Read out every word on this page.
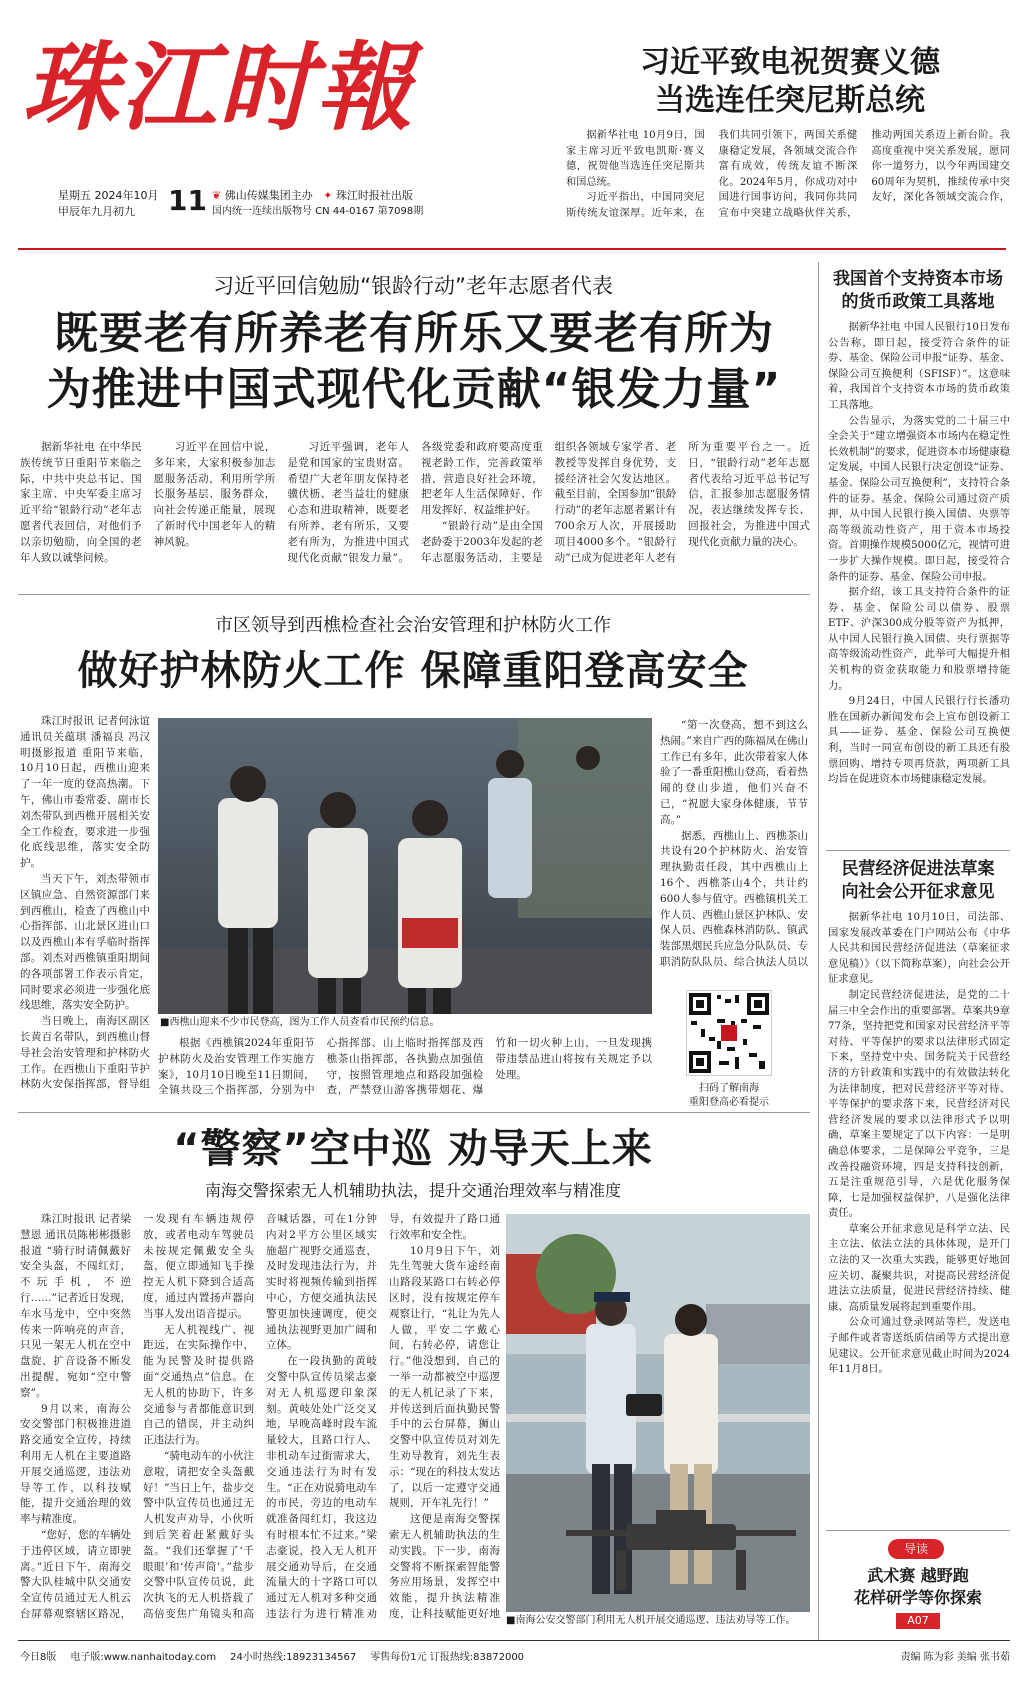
珠江时報
星期五 2024年10月
甲辰年九月初九	11 ❦ 佛山传媒集团主办 ✦ 珠江时报社出版
国内统一连续出版物号 CN 44-0167 第7098期
习近平致电祝贺赛义德
当选连任突尼斯总统

据新华社电 10月9日，国家主席习近平致电凯斯·赛义德，祝贺他当选连任突尼斯共和国总统。

习近平指出，中国同突尼斯传统友谊深厚。近年来，在我们共同引领下，两国关系健康稳定发展，各领域交流合作富有成效，传统友谊不断深化。2024年5月，你成功对中国进行国事访问，我同你共同宣布中突建立战略伙伴关系，推动两国关系迈上新台阶。我高度重视中突关系发展，愿同你一道努力，以今年两国建交60周年为契机，推续传承中突友好，深化各领域交流合作，

习近平回信勉励“银龄行动”老年志愿者代表
既要老有所养老有所乐又要老有所为
为推进中国式现代化贡献“银发力量”

据新华社电 在中华民族传统节日重阳节来临之际，中共中央总书记、国家主席、中央军委主席习近平给“银龄行动”老年志愿者代表回信，对他们予以亲切勉励，向全国的老年人致以诚挚问候。

习近平在回信中说，多年来，大家积极参加志愿服务活动，利用所学所长服务基层、服务群众，向社会传递正能量，展现了新时代中国老年人的精神风貌。

习近平强调，老年人是党和国家的宝贵财富。希望广大老年朋友保持老骥伏枥、老当益壮的健康心态和进取精神，既要老有所养、老有所乐，又要老有所为，为推进中国式现代化贡献“银发力量”。各级党委和政府要高度重视老龄工作，完善政策举措，营造良好社会环境，把老年人生活保障好、作用发挥好、权益维护好。

“银龄行动”是由全国老龄委于2003年发起的老年志愿服务活动，主要是组织各领域专家学者、老教授等发挥自身优势，支援经济社会欠发达地区。截至目前，全国参加“银龄行动”的老年志愿者累计有700余万人次，开展援助项目4000多个。“银龄行动”已成为促进老年人老有所为重要平台之一。近日，“银龄行动”老年志愿者代表给习近平总书记写信，汇报参加志愿服务情况，表达继续发挥专长、回报社会，为推进中国式现代化贡献力量的决心。

我国首个支持资本市场
的货币政策工具落地

据新华社电 中国人民银行10日发布公告称，即日起，接受符合条件的证券、基金、保险公司申报“证券、基金、保险公司互换便利（SFISF）”。这意味着，我国首个支持资本市场的货币政策工具落地。

公告显示，为落实党的二十届三中全会关于“建立增强资本市场内在稳定性长效机制”的要求，促进资本市场健康稳定发展，中国人民银行决定创设“证券、基金、保险公司互换便利”，支持符合条件的证券、基金、保险公司通过资产质押，从中国人民银行换入国债、央票等高等级流动性资产，用于资本市场投资。首期操作规模5000亿元，视情可进一步扩大操作规模。即日起，接受符合条件的证券、基金、保险公司申报。

据介绍，该工具支持符合条件的证券、基金、保险公司以债券、股票ETF、沪深300成分股等资产为抵押，从中国人民银行换入国债、央行票据等高等级流动性资产，此举可大幅提升相关机构的资金获取能力和股票增持能力。

9月24日，中国人民银行行长潘功胜在国新办新闻发布会上宣布创设新工具——证券、基金、保险公司互换便利，当时一同宣布创设的新工具还有股票回购、增持专项再贷款，两项新工具均旨在促进资本市场健康稳定发展。

市区领导到西樵检查社会治安管理和护林防火工作
做好护林防火工作 保障重阳登高安全

珠江时报讯 记者何泳谊 通讯员关蕴琪 潘福良 冯汉明摄影报道 重阳节来临，10月10日起，西樵山迎来了一年一度的登高热潮。下午，佛山市委常委、副市长刘杰带队到西樵开展相关安全工作检查，要求进一步强化底线思维，落实安全防护。

当天下午，刘杰带领市区镇应急、自然资源部门来到西樵山，检查了西樵山中心指挥部、山北景区进山口以及西樵山本有孚临时指挥部。刘杰对西樵镇重阳期间的各项部署工作表示肯定，同时要求必须进一步强化底线思维，落实安全防护。

当日晚上，南海区副区长黄百名带队，到西樵山督导社会治安管理和护林防火工作。在西樵山下重阳节护林防火安保指挥部，督导组

■西樵山迎来不少市民登高，图为工作人员查看市民预约信息。

根据《西樵镇2024年重阳节护林防火及治安管理工作实施方案》，10月10日晚至11日期间，全镇共设三个指挥部，分别为中心指挥部、山上临时指挥部及西樵茶山指挥部，各执勤点加强值守，按照管理地点和路段加强检查，严禁登山游客携带烟花、爆竹和一切火种上山，一旦发现携带违禁品进山将按有关规定予以处理。

“第一次登高，想不到这么热闹。”来自广西的陈福凤在佛山工作已有多年，此次带着家人体验了一番重阳樵山登高，看着热闹的登山步道，他们兴奋不已，“祝愿大家身体健康，节节高。”

据悉，西樵山上、西樵茶山共设有20个护林防火、治安管理执勤责任段，其中西樵山上16个、西樵茶山4个，共计约600人参与值守。西樵镇机关工作人员、西樵山景区护林队、安保人员、西樵森林消防队、镇武装部黑烟民兵应急分队队员、专职消防队队员、综合执法人员以

扫码了解南海
重阳登高必看提示
民营经济促进法草案
向社会公开征求意见

据新华社电 10月10日，司法部、国家发展改革委在门户网站公布《中华人民共和国民营经济促进法（草案征求意见稿）》（以下简称草案），向社会公开征求意见。

制定民营经济促进法，是党的二十届三中全会作出的重要部署。草案共9章77条，坚持把党和国家对民营经济平等对待、平等保护的要求以法律形式固定下来，坚持党中央、国务院关于民营经济的方针政策和实践中的有效做法转化为法律制度，把对民营经济平等对待、平等保护的要求落下来，民营经济对民营经济发展的要求以法律形式予以明确，草案主要规定了以下内容：一是明确总体要求，二是保障公平竞争，三是改善投融资环境，四是支持科技创新，五是注重规范引导，六是优化服务保障，七是加强权益保护，八是强化法律责任。

草案公开征求意见是科学立法、民主立法、依法立法的具体体现，是开门立法的又一次重大实践，能够更好地回应关切、凝聚共识，对提高民营经济促进法立法质量，促进民营经济持续、健康、高质量发展将起到重要作用。

公众可通过登录网站等栏，发送电子邮件或者寄送纸质信函等方式提出意见建议。公开征求意见截止时间为2024年11月8日。

导读
武术赛 越野跑
花样研学等你探索
A07
“警察”空中巡 劝导天上来
南海交警探索无人机辅助执法，提升交通治理效率与精准度

珠江时报讯 记者梁慧恩 通讯员陈彬彬摄影报道 “骑行时请佩戴好安全头盔，不闯红灯，不玩手机，不逆行……”记者近日发现，车水马龙中，空中突然传来一阵响亮的声音，只见一架无人机在空中盘旋，扩音设备不断发出提醒，宛如“空中警察”。

9月以来，南海公安交警部门积极推进道路交通安全宣传，持续利用无人机在主要道路开展交通巡逻，违法劝导等工作，以科技赋能，提升交通治理的效率与精准度。

“您好，您的车辆处于违停区域，请立即驶离。”近日下午，南海交警大队桂城中队交通安全宣传员通过无人机云台屏幕观察辖区路况，一发现有车辆违规停放，或者电动车驾驶员未按规定佩戴安全头盔，便立即通知飞手操控无人机下降到合适高度，通过内置扬声器向当事人发出语音提示。

无人机视线广、视距远，在实际操作中，能为民警及时提供路面“交通热点”信息。在无人机的协助下，许多交通参与者都能意识到自己的错误，并主动纠正违法行为。

“骑电动车的小伙注意啦，请把安全头盔戴好！”当日上午，盐步交警中队宣传员也通过无人机发声劝导，小伙听到后笑着赶紧戴好头盔。“我们还掌握了‘千眼眼’和‘传声筒’。”盐步交警中队宣传员说，此次执飞的无人机搭载了高倍变焦广角镜头和高音喊话器，可在1分钟内对2平方公里区域实施超广视野交通巡查，及时发现违法行为，并实时将视频传输到指挥中心，方便交通执法民警更加快速调度，使交通执法视野更加广阔和立体。

在一段执勤的黄岐交警中队宣传员梁志豪对无人机巡逻印象深刻。黄岐处处广泛交叉地，早晚高峰时段车流量较大，且路口行人、非机动车过街需求大，交通违法行为时有发生。“正在劝说骑电动车的市民，旁边的电动车就准备闯红灯，我这边有时根本忙不过来。”梁志豪说，投入无人机开展交通劝导后，在交通流量大的十字路口可以通过无人机对多种交通违法行为进行精准劝导，有效提升了路口通行效率和安全性。

10月9日下午，刘先生驾驶大货车途经南山路段某路口右转必停区时，没有按规定停车观察让行，“礼让为先人人做，平安二字戴心间，右转必停，请您让行。”他没想到，自己的一举一动都被空中巡逻的无人机记录了下来，并传送到后面执勤民警手中的云台屏幕，狮山交警中队宣传员对刘先生劝导教育，刘先生表示：“现在的科技太发达了，以后一定遵守交通规则，开车礼先行！”

这便是南海交警探索无人机辅助执法的生动实践。下一步，南海交警将不断探索智能警务应用场景，发挥空中效能，提升执法精准度，让科技赋能更好地

■南海公安交警部门利用无人机开展交通巡逻、违法劝导等工作。
今日8版 电子版:www.nanhaitoday.com 24小时热线:18923134567 零售每份1元 订报热线:83872000	责编 陈为彩 美编 张书茹
